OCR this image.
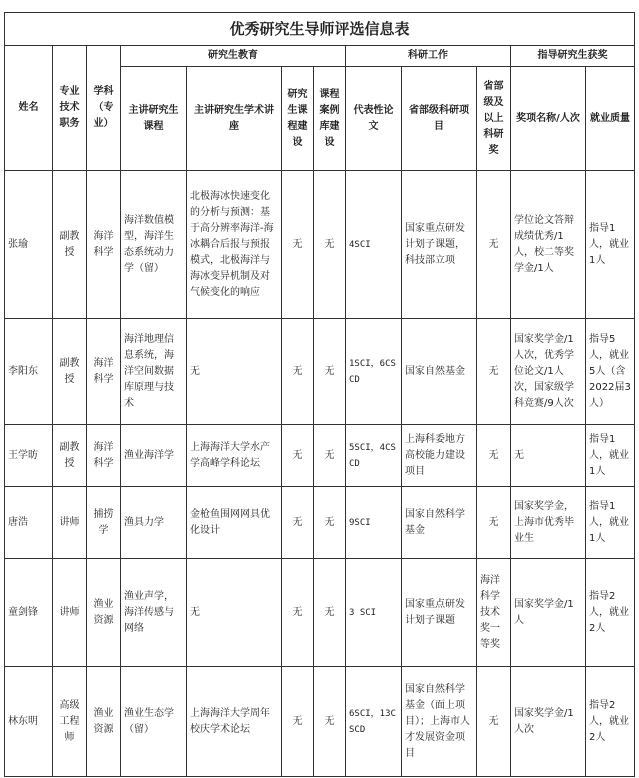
优秀研究生导师评选信息表											
姓名	专业技术职务	学科（专业）	研究生教育				科研工作			指导研究生获奖	
			主讲研究生课程	主讲研究生学术讲座	研究生课程建设	课程案例库建设	代表性论文	省部级科研项目	省部级及以上科研奖	奖项名称/人次	就业质量
张瑜	副教授	海洋科学	海洋数值模型，海洋生态系统动力学（留）	北极海冰快速变化的分析与预测：基于高分辨率海洋-海冰耦合后报与预报模式，北极海洋与海冰变异机制及对气候变化的响应	无	无	4SCI	国家重点研发计划子课题，科技部立项	无	学位论文答辩成绩优秀/1人，校二等奖学金/1人	指导1人，就业1人
李阳东	副教授	海洋科学	海洋地理信息系统，海洋空间数据库原理与技术	无	无	无	1SCI，6CSCD	国家自然基金	无	国家奖学金/1人次，优秀学位论文/1人次，国家级学科竞赛/9人次	指导5人，就业5人（含2022届3人）
王学昉	副教授	海洋科学	渔业海洋学	上海海洋大学水产学高峰学科论坛	无	无	5SCI，4CSCD	上海科委地方高校能力建设项目	无	无	指导1人，就业1人
唐浩	讲师	捕捞学	渔具力学	金枪鱼围网网具优化设计	无	无	9SCI	国家自然科学基金	无	国家奖学金，上海市优秀毕业生	指导1人，就业1人
童剑锋	讲师	渔业资源	渔业声学，海洋传感与网络	无	无	无	3 SCI	国家重点研发计划子课题	海洋科学技术奖一等奖	国家奖学金/1人	指导2人，就业2人
林东明	高级工程师	渔业资源	渔业生态学（留）	上海海洋大学周年校庆学术论坛	无	无	6SCI，13CSCD	国家自然科学基金（面上项目）；上海市人才发展资金项目	无	国家奖学金/1人次	指导2人，就业2人
